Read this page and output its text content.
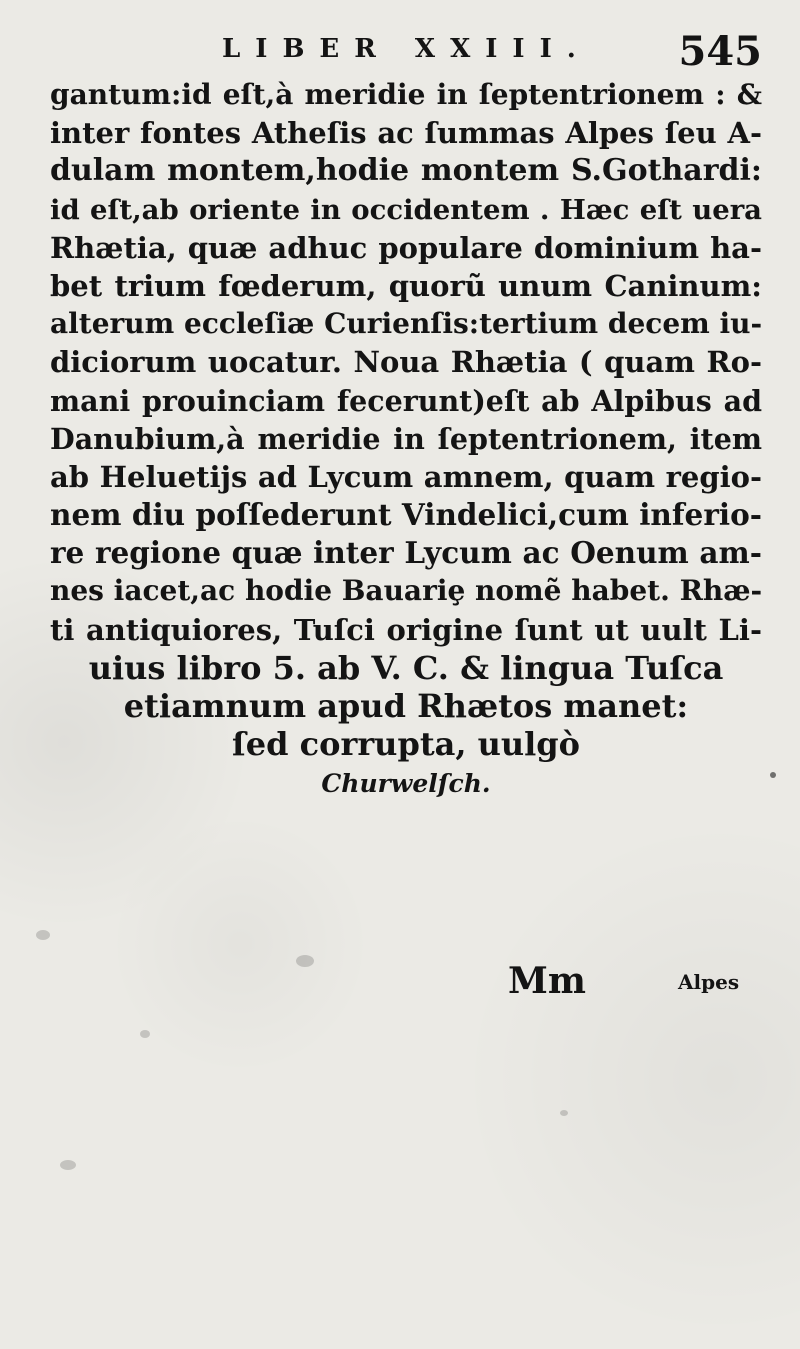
LIBER XXIII. 545
gantum:id eſt,à meridie in ſeptentrionem : &
inter fontes Atheſis ac ſummas Alpes ſeu A-
dulam montem,hodie montem S.Gothardi:
id eſt,ab oriente in occidentem . Hæc eſt uera
Rhætia, quæ adhuc populare dominium ha-
bet trium fœderum, quorũ unum Caninum:
alterum eccleſiæ Curienſis:tertium decem iu-
diciorum uocatur. Noua Rhætia ( quam Ro-
mani prouinciam fecerunt)eſt ab Alpibus ad
Danubium,à meridie in ſeptentrionem, item
ab Heluetiјs ad Lycum amnem, quam regio-
nem diu poſſederunt Vindelici,cum inferio-
re regione quæ inter Lycum ac Oenum am-
nes iacet,ac hodie Bauariȩ nomẽ habet. Rhæ-
ti antiquiores, Tuſci origine ſunt ut uult Li-
uius libro 5. ab V. C. & lingua Tuſca
etiamnum apud Rhætos manet:
ſed corrupta, uulgò
Churwelſch.
Mm	Alpes
